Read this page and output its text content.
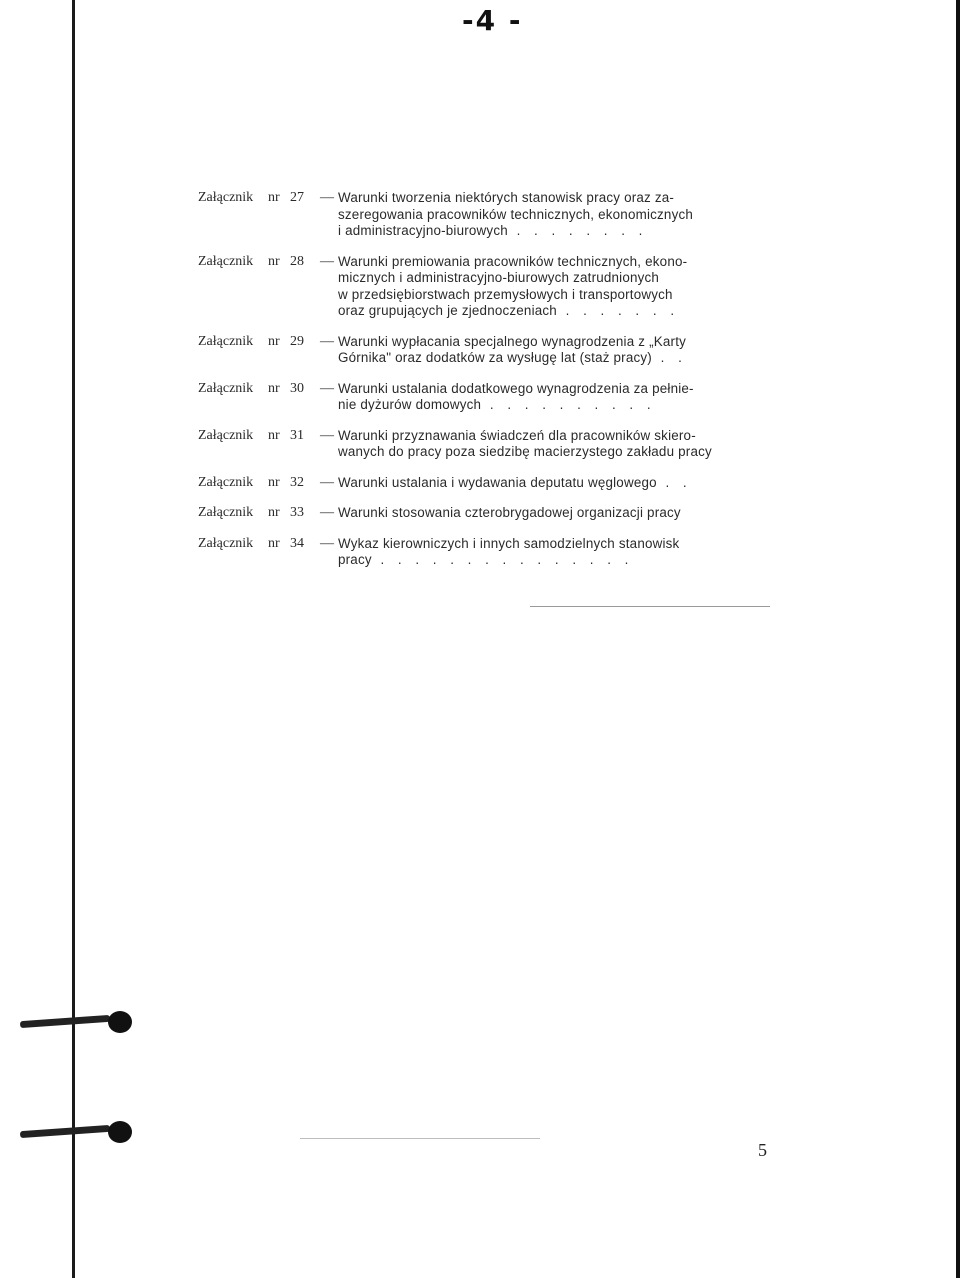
-4 -
Załącznik	nr 27	— Warunki tworzenia niektórych stanowisk pracy oraz za-
szeregowania pracowników technicznych, ekonomicznych
i administracyjno-biurowych . . . . . . . .
Załącznik	nr 28	— Warunki premiowania pracowników technicznych, ekono-
micznych i administracyjno-biurowych zatrudnionych
w przedsiębiorstwach przemysłowych i transportowych
oraz grupujących je zjednoczeniach . . . . . . .
Załącznik	nr 29	— Warunki wypłacania specjalnego wynagrodzenia z „Karty
Górnika" oraz dodatków za wysługę lat (staż pracy) . .
Załącznik	nr 30	— Warunki ustalania dodatkowego wynagrodzenia za pełnie-
nie dyżurów domowych . . . . . . . . . .
Załącznik	nr 31	— Warunki przyznawania świadczeń dla pracowników skiero-
wanych do pracy poza siedzibę macierzystego zakładu pracy
Załącznik	nr 32	— Warunki ustalania i wydawania deputatu węglowego . .
Załącznik	nr 33	— Warunki stosowania czterobrygadowej organizacji pracy
Załącznik	nr 34	— Wykaz kierowniczych i innych samodzielnych stanowisk
pracy . . . . . . . . . . . . . . .
5
